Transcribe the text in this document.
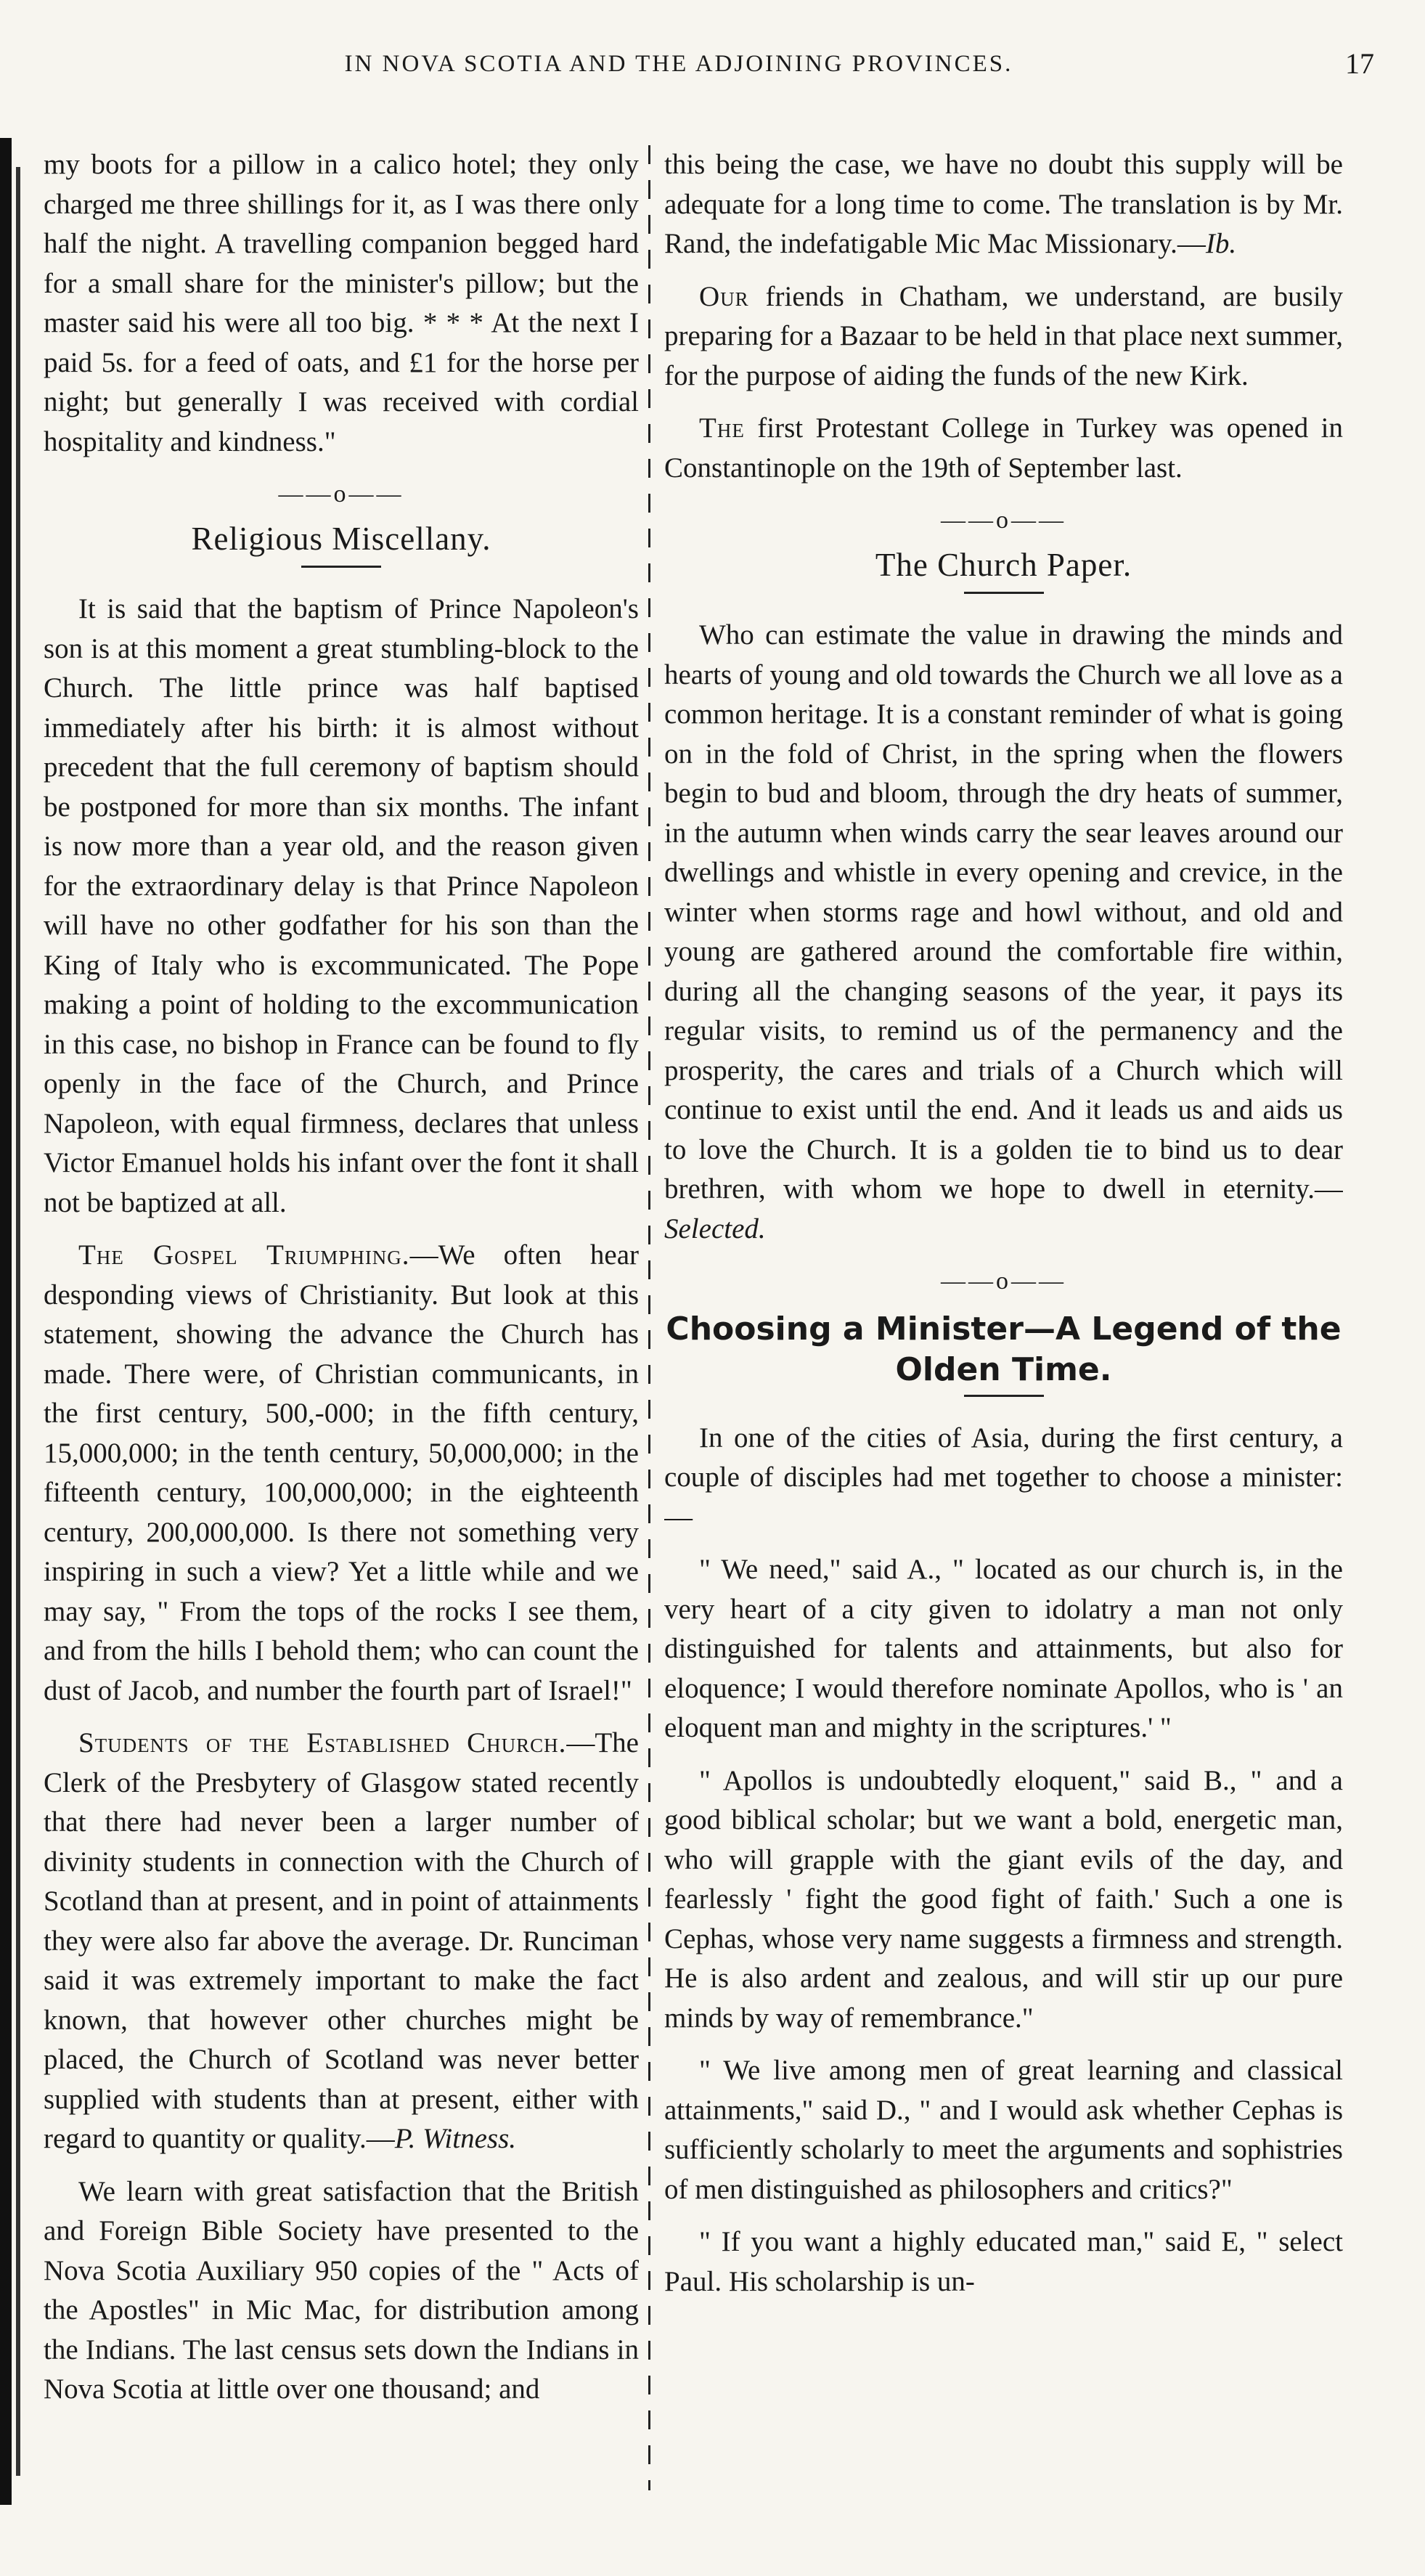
IN NOVA SCOTIA AND THE ADJOINING PROVINCES.	17

my boots for a pillow in a calico hotel; they only charged me three shillings for it, as I was there only half the night. A travelling companion begged hard for a small share for the minister's pillow; but the master said his were all too big. * * * At the next I paid 5s. for a feed of oats, and £1 for the horse per night; but generally I was received with cordial hospitality and kindness."

——o——
Religious Miscellany.

It is said that the baptism of Prince Napoleon's son is at this moment a great stumbling-block to the Church. The little prince was half baptised immediately after his birth: it is almost without precedent that the full ceremony of baptism should be postponed for more than six months. The infant is now more than a year old, and the reason given for the extraordinary delay is that Prince Napoleon will have no other godfather for his son than the King of Italy who is excommunicated. The Pope making a point of holding to the excommunication in this case, no bishop in France can be found to fly openly in the face of the Church, and Prince Napoleon, with equal firmness, declares that unless Victor Emanuel holds his infant over the font it shall not be baptized at all.

The Gospel Triumphing.—We often hear desponding views of Christianity. But look at this statement, showing the advance the Church has made. There were, of Christian communicants, in the first century, 500,-000; in the fifth century, 15,000,000; in the tenth century, 50,000,000; in the fifteenth century, 100,000,000; in the eighteenth century, 200,000,000. Is there not something very inspiring in such a view? Yet a little while and we may say, " From the tops of the rocks I see them, and from the hills I behold them; who can count the dust of Jacob, and number the fourth part of Israel!"

Students of the Established Church.—The Clerk of the Presbytery of Glasgow stated recently that there had never been a larger number of divinity students in connection with the Church of Scotland than at present, and in point of attainments they were also far above the average. Dr. Runciman said it was extremely important to make the fact known, that however other churches might be placed, the Church of Scotland was never better supplied with students than at present, either with regard to quantity or quality.—P. Witness.

We learn with great satisfaction that the British and Foreign Bible Society have presented to the Nova Scotia Auxiliary 950 copies of the " Acts of the Apostles" in Mic Mac, for distribution among the Indians. The last census sets down the Indians in Nova Scotia at little over one thousand; and

this being the case, we have no doubt this supply will be adequate for a long time to come. The translation is by Mr. Rand, the indefatigable Mic Mac Missionary.—Ib.

Our friends in Chatham, we understand, are busily preparing for a Bazaar to be held in that place next summer, for the purpose of aiding the funds of the new Kirk.

The first Protestant College in Turkey was opened in Constantinople on the 19th of September last.

——o——
The Church Paper.

Who can estimate the value in drawing the minds and hearts of young and old towards the Church we all love as a common heritage. It is a constant reminder of what is going on in the fold of Christ, in the spring when the flowers begin to bud and bloom, through the dry heats of summer, in the autumn when winds carry the sear leaves around our dwellings and whistle in every opening and crevice, in the winter when storms rage and howl without, and old and young are gathered around the comfortable fire within, during all the changing seasons of the year, it pays its regular visits, to remind us of the permanency and the prosperity, the cares and trials of a Church which will continue to exist until the end. And it leads us and aids us to love the Church. It is a golden tie to bind us to dear brethren, with whom we hope to dwell in eternity.—Selected.

——o——
Choosing a Minister—A Legend of the Olden Time.

In one of the cities of Asia, during the first century, a couple of disciples had met together to choose a minister:—

" We need," said A., " located as our church is, in the very heart of a city given to idolatry a man not only distinguished for talents and attainments, but also for eloquence; I would therefore nominate Apollos, who is ' an eloquent man and mighty in the scriptures.' "

" Apollos is undoubtedly eloquent," said B., " and a good biblical scholar; but we want a bold, energetic man, who will grapple with the giant evils of the day, and fearlessly ' fight the good fight of faith.' Such a one is Cephas, whose very name suggests a firmness and strength. He is also ardent and zealous, and will stir up our pure minds by way of remembrance."

" We live among men of great learning and classical attainments," said D., " and I would ask whether Cephas is sufficiently scholarly to meet the arguments and sophistries of men distinguished as philosophers and critics?"

" If you want a highly educated man," said E, " select Paul. His scholarship is un-
